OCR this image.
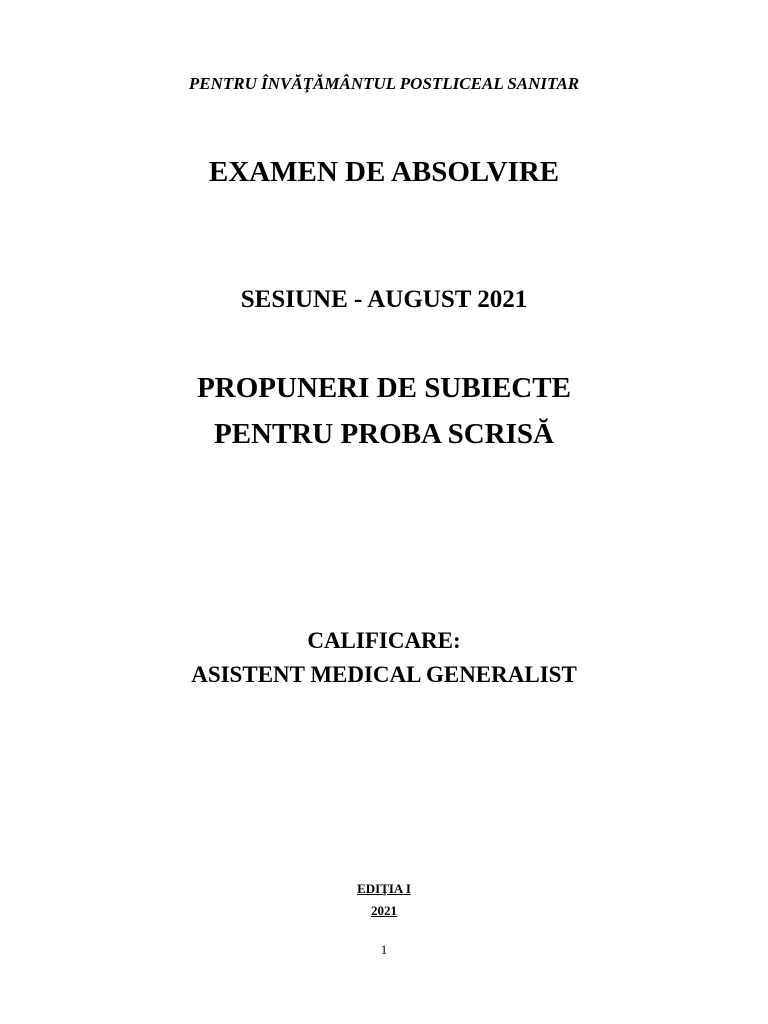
PENTRU ÎNVĂŢĂMÂNTUL POSTLICEAL SANITAR
EXAMEN DE ABSOLVIRE
SESIUNE - AUGUST 2021
PROPUNERI DE SUBIECTE
PENTRU PROBA SCRISĂ
CALIFICARE:
ASISTENT MEDICAL GENERALIST
EDIŢIA I
2021
1
